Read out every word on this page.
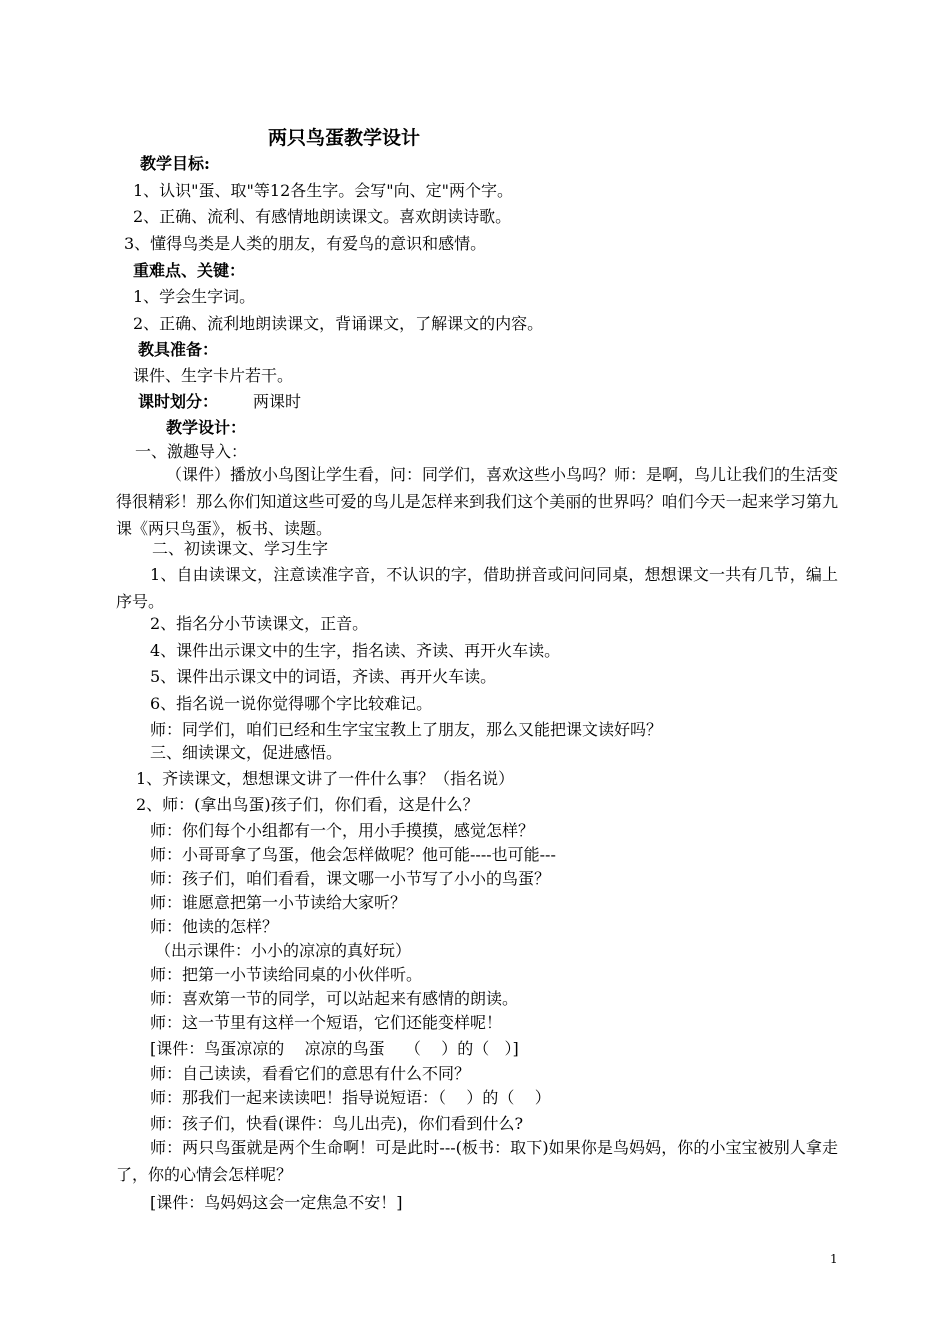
两只鸟蛋教学设计
教学目标:
1、认识"蛋、取"等12各生字。会写"向、定"两个字。
2、正确、流利、有感情地朗读课文。喜欢朗读诗歌。
3、懂得鸟类是人类的朋友，有爱鸟的意识和感情。
重难点、关键：
1、学会生字词。
2、正确、流利地朗读课文，背诵课文，了解课文的内容。
教具准备：
课件、生字卡片若干。
课时划分： 两课时
教学设计：
一、激趣导入：
（课件）播放小鸟图让学生看，问：同学们，喜欢这些小鸟吗？师：是啊，鸟儿让我们的生活变得很精彩！那么你们知道这些可爱的鸟儿是怎样来到我们这个美丽的世界吗？咱们今天一起来学习第九课《两只鸟蛋》，板书、读题。
二、初读课文、学习生字
1、自由读课文，注意读准字音，不认识的字，借助拼音或问问同桌，想想课文一共有几节，编上序号。
2、指名分小节读课文，正音。
4、课件出示课文中的生字，指名读、齐读、再开火车读。
5、课件出示课文中的词语，齐读、再开火车读。
6、指名说一说你觉得哪个字比较难记。
师：同学们，咱们已经和生字宝宝教上了朋友，那么又能把课文读好吗？
三、细读课文，促进感悟。
1、齐读课文，想想课文讲了一件什么事？（指名说）
2、师：(拿出鸟蛋)孩子们，你们看，这是什么？
师：你们每个小组都有一个，用小手摸摸，感觉怎样？
师：小哥哥拿了鸟蛋，他会怎样做呢？他可能----也可能---
师：孩子们，咱们看看，课文哪一小节写了小小的鸟蛋？
师：谁愿意把第一小节读给大家听？
师：他读的怎样？
（出示课件：小小的凉凉的真好玩）
师：把第一小节读给同桌的小伙伴听。
师：喜欢第一节的同学，可以站起来有感情的朗读。
师：这一节里有这样一个短语，它们还能变样呢！
[课件：鸟蛋凉凉的    凉凉的鸟蛋    （    ）的（   ）]
师：自己读读，看看它们的意思有什么不同？
师：那我们一起来读读吧！指导说短语：（    ）的（    ）
师：孩子们，快看(课件：鸟儿出壳)，你们看到什么?
师：两只鸟蛋就是两个生命啊！可是此时---(板书：取下)如果你是鸟妈妈，你的小宝宝被别人拿走了，你的心情会怎样呢？
[课件：鸟妈妈这会一定焦急不安！]
1
